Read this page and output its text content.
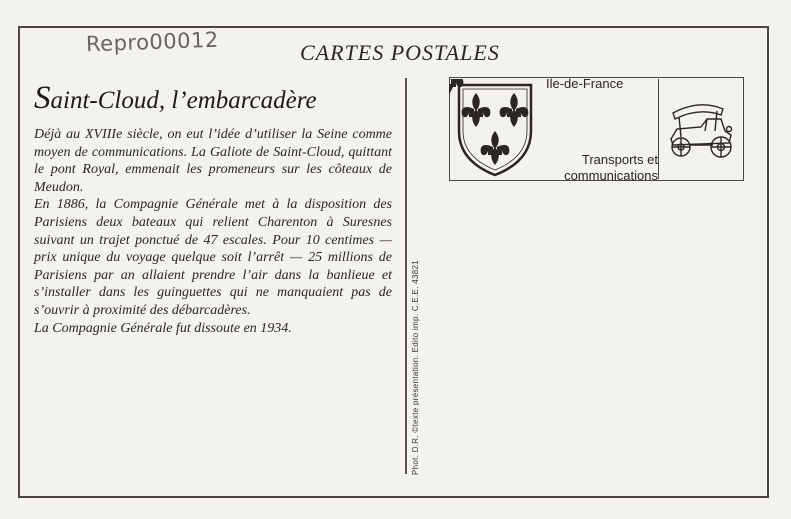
Repro00012	CARTES POSTALES
Saint-Cloud, l’embarcadère

Déjà au XVIIIe siècle, on eut l’idée d’utiliser la Seine comme moyen de communications. La Galiote de Saint-Cloud, quittant le pont Royal, emmenait les promeneurs sur les côteaux de Meudon.

En 1886, la Compagnie Générale met à la disposition des Parisiens deux bateaux qui relient Charenton à Suresnes suivant un trajet ponctué de 47 escales. Pour 10 centimes — prix unique du voyage quelque soit l’arrêt — 25 millions de Parisiens par an allaient prendre l’air dans la banlieue et s’installer dans les guinguettes qui ne manquaient pas de s’ouvrir à proximité des débarcadères.

La Compagnie Générale fut dissoute en 1934.	Phot. D.R. ©texte présentation. Edito imp. C.E.E. 43821
Ile-de-France
Transports et
communications
